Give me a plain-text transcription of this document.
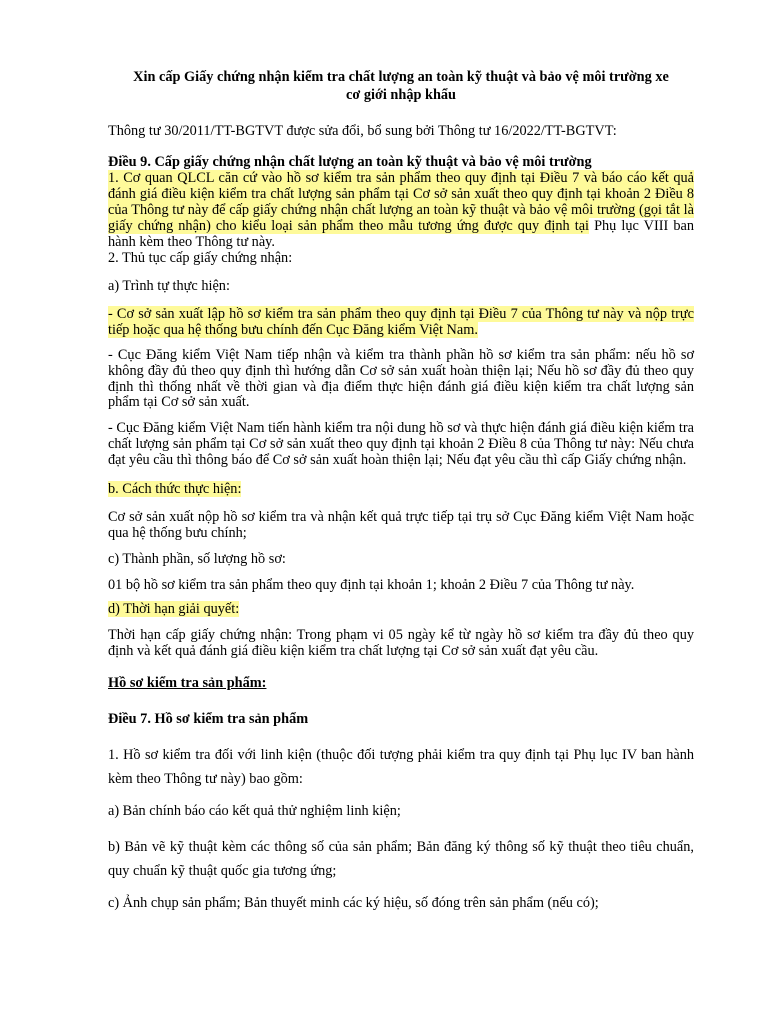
Xin cấp Giấy chứng nhận kiểm tra chất lượng an toàn kỹ thuật và bảo vệ môi trường xe
cơ giới nhập khẩu

Thông tư 30/2011/TT-BGTVT được sửa đổi, bổ sung bởi Thông tư 16/2022/TT-BGTVT:

Điều 9. Cấp giấy chứng nhận chất lượng an toàn kỹ thuật và bảo vệ môi trường

1. Cơ quan QLCL căn cứ vào hồ sơ kiểm tra sản phẩm theo quy định tại Điều 7 và báo cáo kết quả đánh giá điều kiện kiểm tra chất lượng sản phẩm tại Cơ sở sản xuất theo quy định tại khoản 2 Điều 8 của Thông tư này để cấp giấy chứng nhận chất lượng an toàn kỹ thuật và bảo vệ môi trường (gọi tắt là giấy chứng nhận) cho kiểu loại sản phẩm theo mẫu tương ứng được quy định tại Phụ lục VIII ban hành kèm theo Thông tư này.

2. Thủ tục cấp giấy chứng nhận:

a) Trình tự thực hiện:

- Cơ sở sản xuất lập hồ sơ kiểm tra sản phẩm theo quy định tại Điều 7 của Thông tư này và nộp trực tiếp hoặc qua hệ thống bưu chính đến Cục Đăng kiểm Việt Nam.

- Cục Đăng kiểm Việt Nam tiếp nhận và kiểm tra thành phần hồ sơ kiểm tra sản phẩm: nếu hồ sơ không đầy đủ theo quy định thì hướng dẫn Cơ sở sản xuất hoàn thiện lại; Nếu hồ sơ đầy đủ theo quy định thì thống nhất về thời gian và địa điểm thực hiện đánh giá điều kiện kiểm tra chất lượng sản phẩm tại Cơ sở sản xuất.

- Cục Đăng kiểm Việt Nam tiến hành kiểm tra nội dung hồ sơ và thực hiện đánh giá điều kiện kiểm tra chất lượng sản phẩm tại Cơ sở sản xuất theo quy định tại khoản 2 Điều 8 của Thông tư này: Nếu chưa đạt yêu cầu thì thông báo để Cơ sở sản xuất hoàn thiện lại; Nếu đạt yêu cầu thì cấp Giấy chứng nhận.

b. Cách thức thực hiện:

Cơ sở sản xuất nộp hồ sơ kiểm tra và nhận kết quả trực tiếp tại trụ sở Cục Đăng kiểm Việt Nam hoặc qua hệ thống bưu chính;

c) Thành phần, số lượng hồ sơ:

01 bộ hồ sơ kiểm tra sản phẩm theo quy định tại khoản 1; khoản 2 Điều 7 của Thông tư này.

d) Thời hạn giải quyết:

Thời hạn cấp giấy chứng nhận: Trong phạm vi 05 ngày kể từ ngày hồ sơ kiểm tra đầy đủ theo quy định và kết quả đánh giá điều kiện kiểm tra chất lượng tại Cơ sở sản xuất đạt yêu cầu.

Hồ sơ kiểm tra sản phẩm:

Điều 7. Hồ sơ kiểm tra sản phẩm

1. Hồ sơ kiểm tra đối với linh kiện (thuộc đối tượng phải kiểm tra quy định tại Phụ lục IV ban hành kèm theo Thông tư này) bao gồm:

a) Bản chính báo cáo kết quả thử nghiệm linh kiện;

b) Bản vẽ kỹ thuật kèm các thông số của sản phẩm; Bản đăng ký thông số kỹ thuật theo tiêu chuẩn, quy chuẩn kỹ thuật quốc gia tương ứng;

c) Ảnh chụp sản phẩm; Bản thuyết minh các ký hiệu, số đóng trên sản phẩm (nếu có);
